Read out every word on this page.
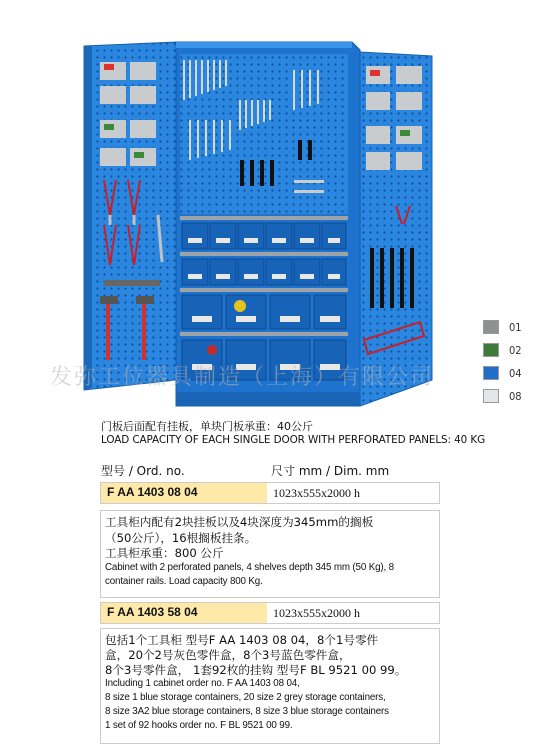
发弥工位器具制造（上海）有限公司
01
02
04
08
门板后面配有挂板，单块门板承重：40公斤
LOAD CAPACITY OF EACH SINGLE DOOR WITH PERFORATED PANELS: 40 KG
型号 / Ord. no.	尺寸 mm / Dim. mm
F AA 1403 08 04	1023x555x2000 h
工具柜内配有2块挂板以及4块深度为345mm的搁板
（50公斤），16根搁板挂条。
工具柜承重：800 公斤
Cabinet with 2 perforated panels, 4 shelves depth 345 mm (50 Kg), 8
container rails. Load capacity 800 Kg.
F AA 1403 58 04	1023x555x2000 h
包括1个工具柜 型号F AA 1403 08 04，8个1号零件
盒，20个2号灰色零件盒，8个3号蓝色零件盒，
8个3号零件盒， 1套92枚的挂钩 型号F BL 9521 00 99。
Including 1 cabinet order no. F AA 1403 08 04,
8 size 1 blue storage containers, 20 size 2 grey storage containers,
8 size 3A2 blue storage containers, 8 size 3 blue storage containers
1 set of 92 hooks order no. F BL 9521 00 99.
